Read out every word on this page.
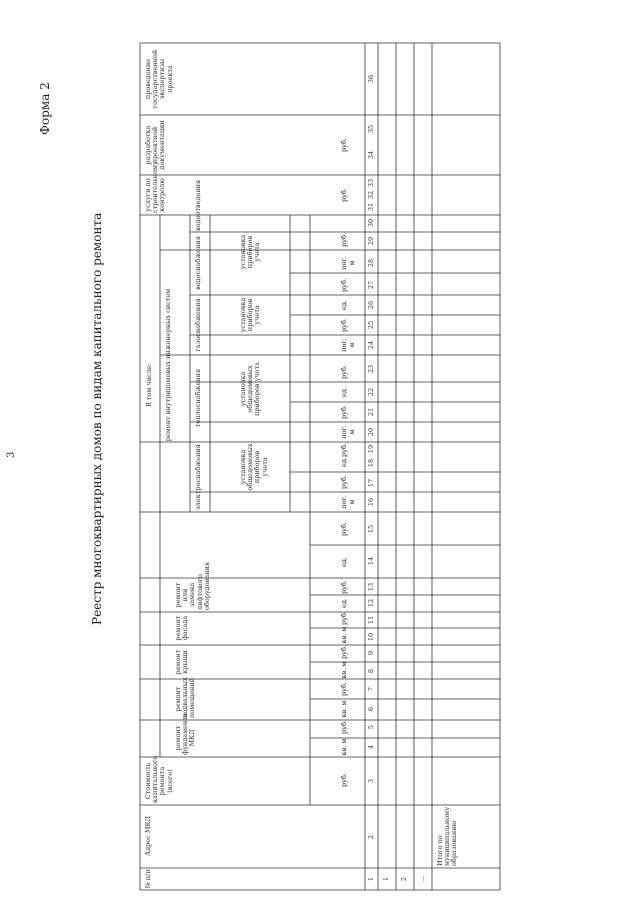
3
Форма 2
Реестр многоквартирных домов по видам капитального ремонта
№ п/п
Адрес МКД
Стоимость капитального ремонта (всего)
ремонт фундамента МКД
ремонт подвальных помещений
ремонт крыши
ремонт фасада
ремонт или замена лифтового оборудования
В том числе:	ремонт внутридомовых инженерных систем
электроснабжения
теплоснабжения
газоснабжения
водоснабжения
водоотведения
установка общедомовых приборов учета
установка общедомовых приборов учета
установка приборов учета
установка приборов учета
услуги по строительному контролю
разработка проектной документации
проведение государственной экспертизы проекта
руб.
кв. м
руб.
кв. м
руб.
кв. м
руб.
кв. м
руб.
ед.
руб.
ед.
руб.
пог. м
руб.
ед.
руб.
пог. м
руб.
ед.
руб.
пог. м
руб.
ед.
руб.
пог. м
руб.
руб.
руб.
1
2
3
4
5
6
7
8
9
10
11
12
13
14
15
16
17
18
19
20
21
22
23
24
25
26
27
28
29
30
31
32
33
34
35
36
1 2 ...
Итого по муниципальному образованию
